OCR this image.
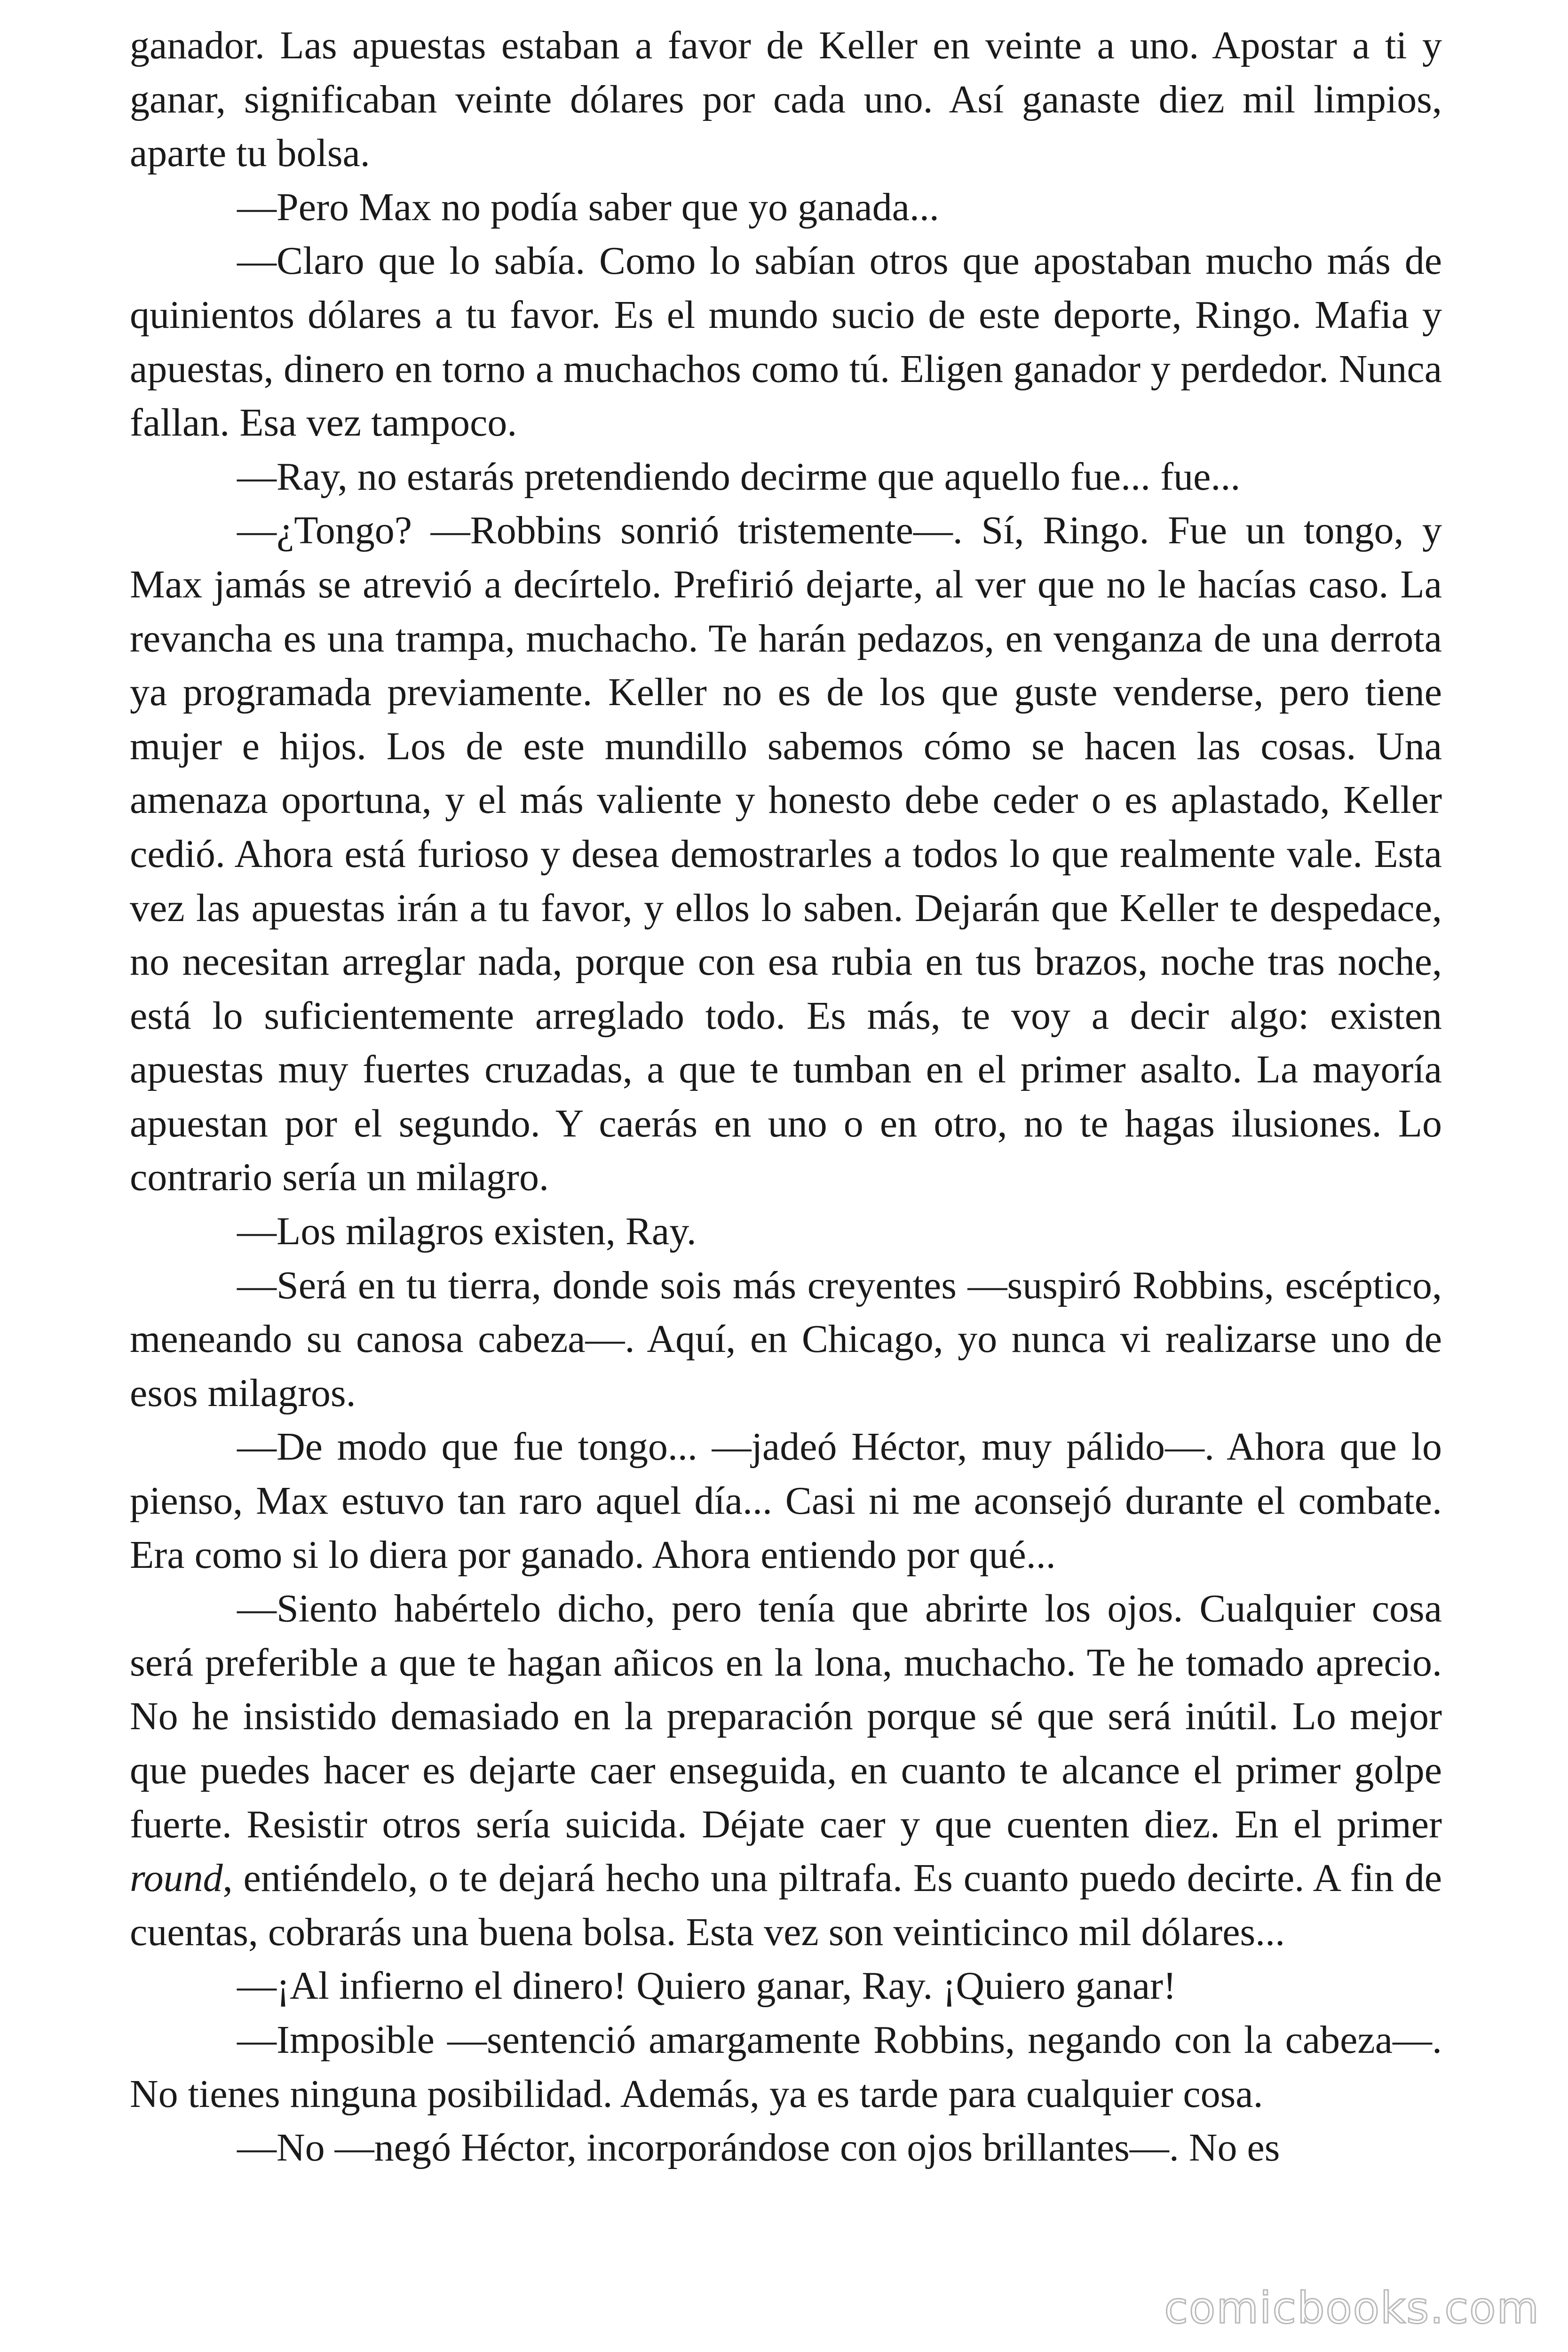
ganador. Las apuestas estaban a favor de Keller en veinte a uno. Apostar a ti y ganar, significaban veinte dólares por cada uno. Así ganaste diez mil limpios, aparte tu bolsa.

—Pero Max no podía saber que yo ganada...

—Claro que lo sabía. Como lo sabían otros que apostaban mucho más de quinientos dólares a tu favor. Es el mundo sucio de este deporte, Ringo. Mafia y apuestas, dinero en torno a muchachos como tú. Eligen ganador y perdedor. Nunca fallan. Esa vez tampoco.

—Ray, no estarás pretendiendo decirme que aquello fue... fue...

—¿Tongo? —Robbins sonrió tristemente—. Sí, Ringo. Fue un tongo, y Max jamás se atrevió a decírtelo. Prefirió dejarte, al ver que no le hacías caso. La revancha es una trampa, muchacho. Te harán pedazos, en venganza de una derrota ya programada previamente. Keller no es de los que guste venderse, pero tiene mujer e hijos. Los de este mundillo sabemos cómo se hacen las cosas. Una amenaza oportuna, y el más valiente y honesto debe ceder o es aplastado, Keller cedió. Ahora está furioso y desea demostrarles a todos lo que realmente vale. Esta vez las apuestas irán a tu favor, y ellos lo saben. Dejarán que Keller te despedace, no necesitan arreglar nada, porque con esa rubia en tus brazos, noche tras noche, está lo suficientemente arreglado todo. Es más, te voy a decir algo: existen apuestas muy fuertes cruzadas, a que te tumban en el primer asalto. La mayoría apuestan por el segundo. Y caerás en uno o en otro, no te hagas ilusiones. Lo contrario sería un milagro.

—Los milagros existen, Ray.

—Será en tu tierra, donde sois más creyentes —suspiró Robbins, escéptico, meneando su canosa cabeza—. Aquí, en Chicago, yo nunca vi realizarse uno de esos milagros.

—De modo que fue tongo... —jadeó Héctor, muy pálido—. Ahora que lo pienso, Max estuvo tan raro aquel día... Casi ni me aconsejó durante el combate. Era como si lo diera por ganado. Ahora entiendo por qué...

—Siento habértelo dicho, pero tenía que abrirte los ojos. Cualquier cosa será preferible a que te hagan añicos en la lona, muchacho. Te he tomado aprecio. No he insistido demasiado en la preparación porque sé que será inútil. Lo mejor que puedes hacer es dejarte caer enseguida, en cuanto te alcance el primer golpe fuerte. Resistir otros sería suicida. Déjate caer y que cuenten diez. En el primer round, entiéndelo, o te dejará hecho una piltrafa. Es cuanto puedo decirte. A fin de cuentas, cobrarás una buena bolsa. Esta vez son veinticinco mil dólares...

—¡Al infierno el dinero! Quiero ganar, Ray. ¡Quiero ganar!

—Imposible —sentenció amargamente Robbins, negando con la cabeza—. No tienes ninguna posibilidad. Además, ya es tarde para cualquier cosa.

—No —negó Héctor, incorporándose con ojos brillantes—. No es

comicbooks.com
